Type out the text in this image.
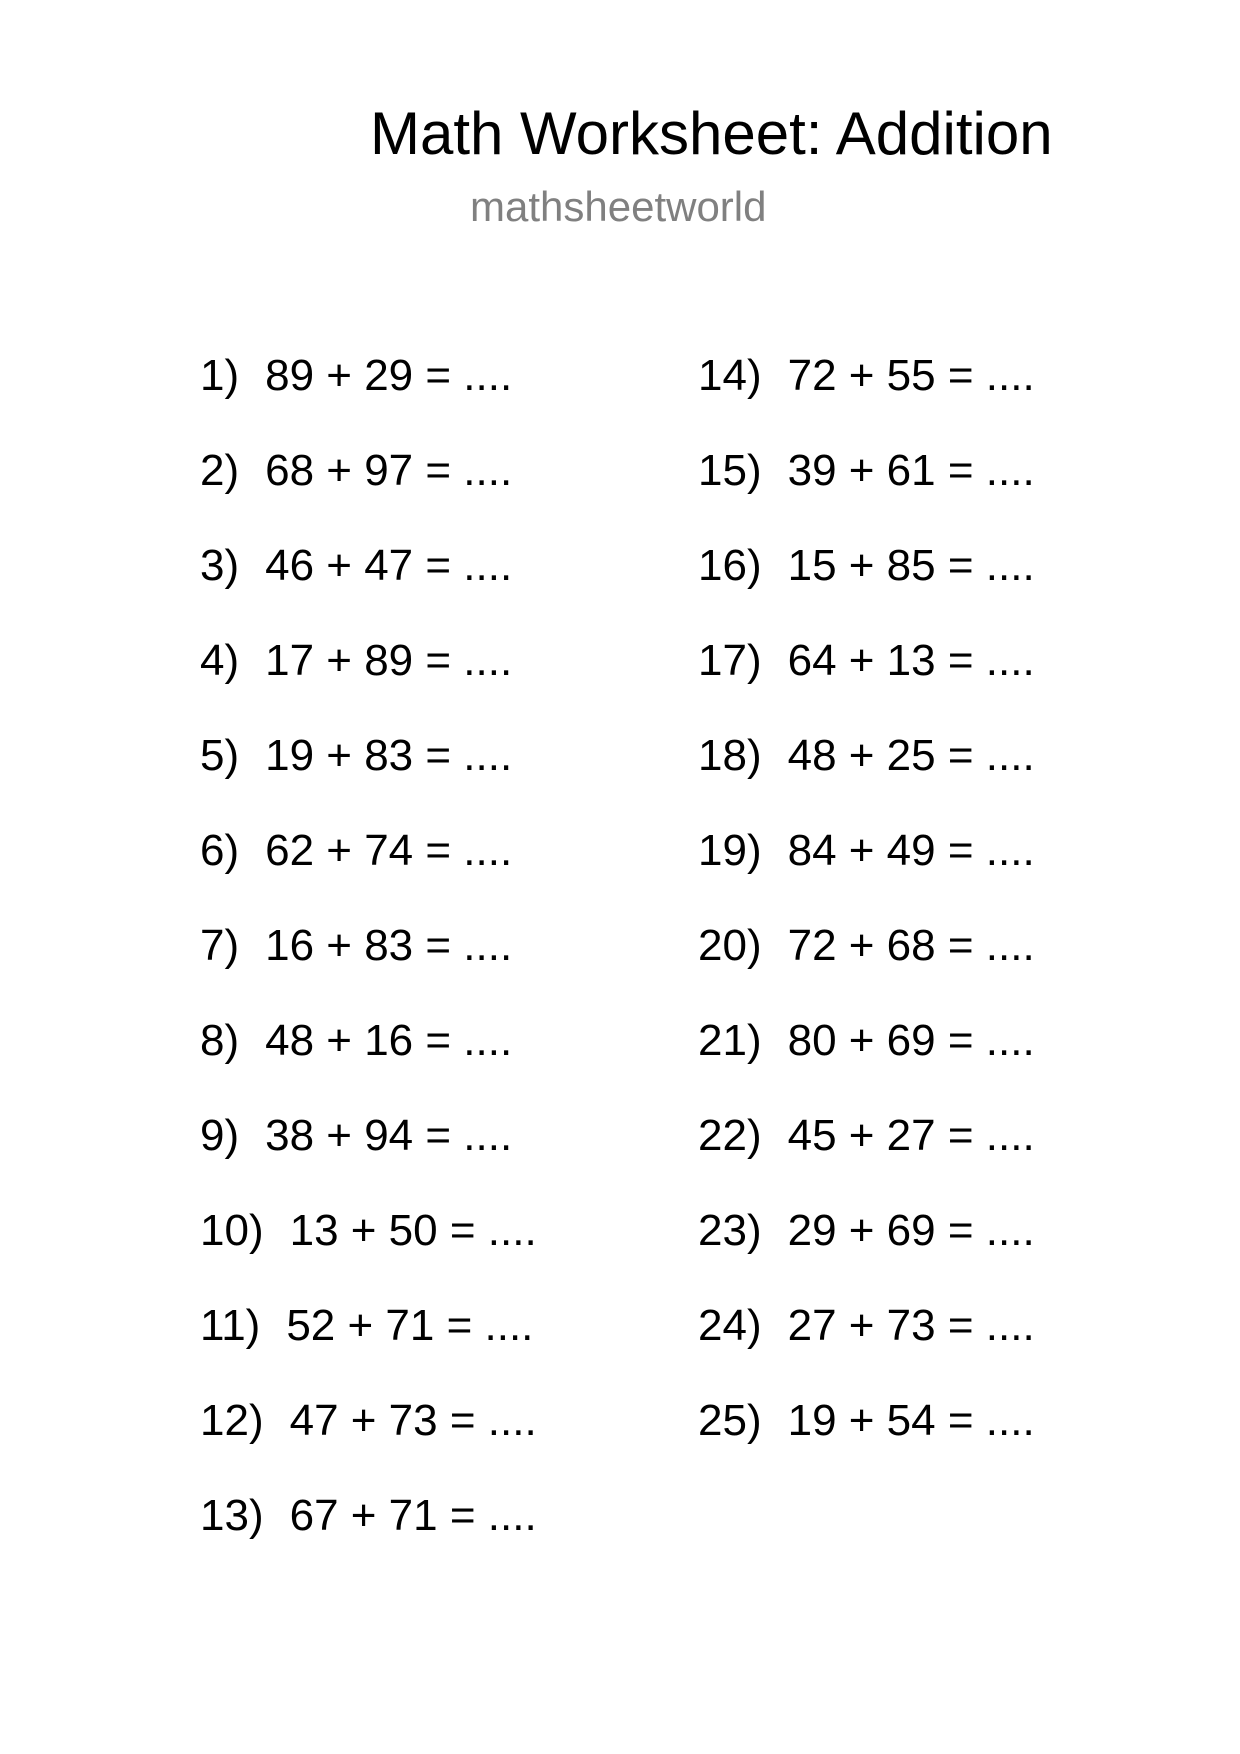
Math Worksheet: Addition
mathsheetworld
1) 89 + 29 = ....
2) 68 + 97 = ....
3) 46 + 47 = ....
4) 17 + 89 = ....
5) 19 + 83 = ....
6) 62 + 74 = ....
7) 16 + 83 = ....
8) 48 + 16 = ....
9) 38 + 94 = ....
10) 13 + 50 = ....
11) 52 + 71 = ....
12) 47 + 73 = ....
13) 67 + 71 = ....
14) 72 + 55 = ....
15) 39 + 61 = ....
16) 15 + 85 = ....
17) 64 + 13 = ....
18) 48 + 25 = ....
19) 84 + 49 = ....
20) 72 + 68 = ....
21) 80 + 69 = ....
22) 45 + 27 = ....
23) 29 + 69 = ....
24) 27 + 73 = ....
25) 19 + 54 = ....
